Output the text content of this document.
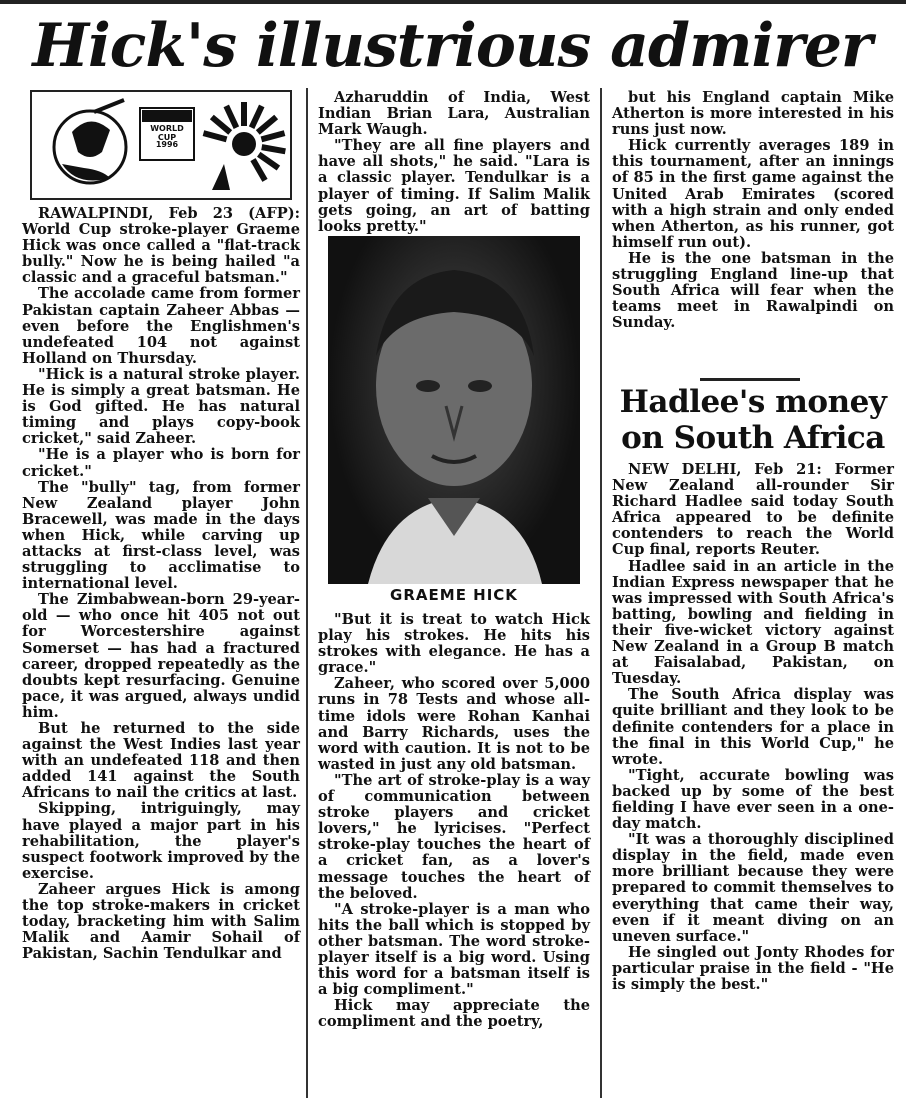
Hick's illustrious admirer
WORLD CUP
1996

RAWALPINDI, Feb 23 (AFP): World Cup stroke-player Graeme Hick was once called a "flat-track bully." Now he is being hailed "a classic and a graceful batsman."

The accolade came from former Pakistan captain Zaheer Abbas — even before the Englishmen's undefeated 104 not against Holland on Thursday.

"Hick is a natural stroke player. He is simply a great batsman. He is God gifted. He has natural timing and plays copy-book cricket," said Zaheer.

"He is a player who is born for cricket."

The "bully" tag, from former New Zealand player John Bracewell, was made in the days when Hick, while carving up attacks at first-class level, was struggling to acclimatise to international level.

The Zimbabwean-born 29-year-old — who once hit 405 not out for Worcestershire against Somerset — has had a fractured career, dropped repeatedly as the doubts kept resurfacing. Genuine pace, it was argued, always undid him.

But he returned to the side against the West Indies last year with an undefeated 118 and then added 141 against the South Africans to nail the critics at last.

Skipping, intriguingly, may have played a major part in his rehabilitation, the player's suspect footwork improved by the exercise.

Zaheer argues Hick is among the top stroke-makers in cricket today, bracketing him with Salim Malik and Aamir Sohail of Pakistan, Sachin Tendulkar and

Azharuddin of India, West Indian Brian Lara, Australian Mark Waugh.

"They are all fine players and have all shots," he said. "Lara is a classic player. Tendulkar is a player of timing. If Salim Malik gets going, an art of batting looks pretty."

GRAEME HICK

"But it is treat to watch Hick play his strokes. He hits his strokes with elegance. He has a grace."

Zaheer, who scored over 5,000 runs in 78 Tests and whose all-time idols were Rohan Kanhai and Barry Richards, uses the word with caution. It is not to be wasted in just any old batsman.

"The art of stroke-play is a way of communication between stroke players and cricket lovers," he lyricises. "Perfect stroke-play touches the heart of a cricket fan, as a lover's message touches the heart of the beloved.

"A stroke-player is a man who hits the ball which is stopped by other batsman. The word stroke-player itself is a big word. Using this word for a batsman itself is a big compliment."

Hick may appreciate the compliment and the poetry,

but his England captain Mike Atherton is more interested in his runs just now.

Hick currently averages 189 in this tournament, after an innings of 85 in the first game against the United Arab Emirates (scored with a high strain and only ended when Atherton, as his runner, got himself run out).

He is the one batsman in the struggling England line-up that South Africa will fear when the teams meet in Rawalpindi on Sunday.

Hadlee's money on South Africa

NEW DELHI, Feb 21: Former New Zealand all-rounder Sir Richard Hadlee said today South Africa appeared to be definite contenders to reach the World Cup final, reports Reuter.

Hadlee said in an article in the Indian Express newspaper that he was impressed with South Africa's batting, bowling and fielding in their five-wicket victory against New Zealand in a Group B match at Faisalabad, Pakistan, on Tuesday.

The South Africa display was quite brilliant and they look to be definite contenders for a place in the final in this World Cup," he wrote.

"Tight, accurate bowling was backed up by some of the best fielding I have ever seen in a one-day match.

"It was a thoroughly disciplined display in the field, made even more brilliant because they were prepared to commit themselves to everything that came their way, even if it meant diving on an uneven surface."

He singled out Jonty Rhodes for particular praise in the field - "He is simply the best."
